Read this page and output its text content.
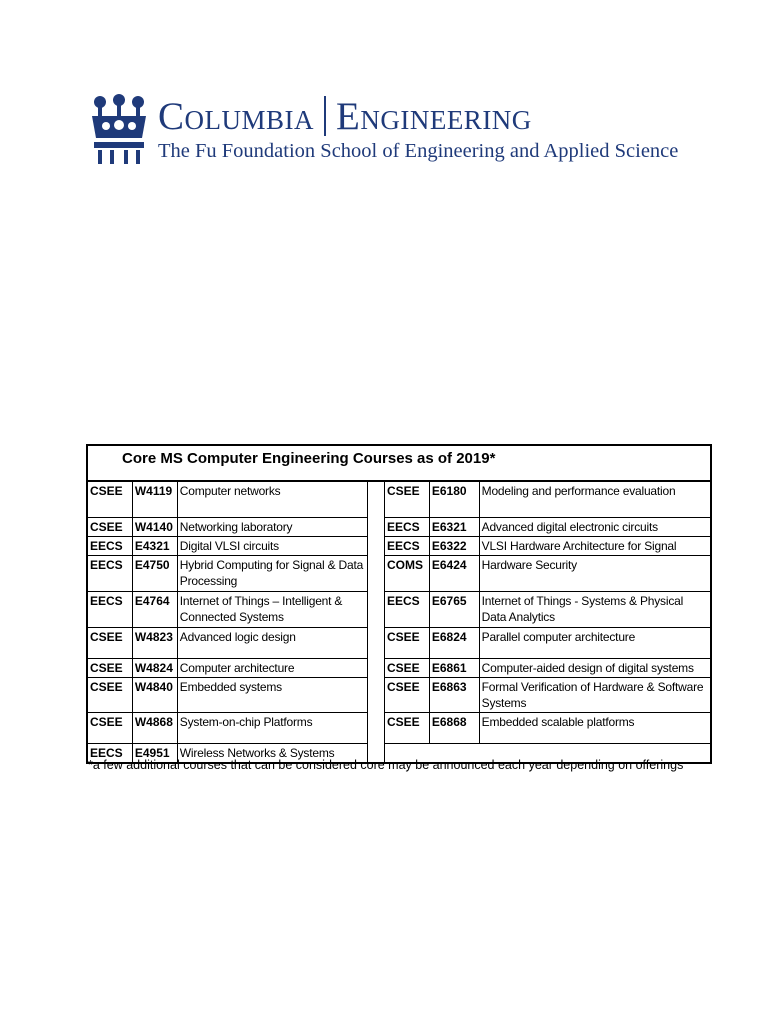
Columbia Engineering
The Fu Foundation School of Engineering and Applied Science
Core MS Computer Engineering Courses as of 2019*
CSEE	W4119	Computer networks		CSEE	E6180	Modeling and performance evaluation
CSEE	W4140	Networking laboratory		EECS	E6321	Advanced digital electronic circuits
EECS	E4321	Digital VLSI circuits		EECS	E6322	VLSI Hardware Architecture for Signal
EECS	E4750	Hybrid Computing for Signal & Data Processing		COMS	E6424	Hardware Security
EECS	E4764	Internet of Things – Intelligent & Connected Systems		EECS	E6765	Internet of Things - Systems & Physical Data Analytics
CSEE	W4823	Advanced logic design		CSEE	E6824	Parallel computer architecture
CSEE	W4824	Computer architecture		CSEE	E6861	Computer-aided design of digital systems
CSEE	W4840	Embedded systems		CSEE	E6863	Formal Verification of Hardware & Software Systems
CSEE	W4868	System-on-chip Platforms		CSEE	E6868	Embedded scalable platforms
EECS	E4951	Wireless Networks & Systems				
*a few additional courses that can be considered core may be announced each year depending on offerings
